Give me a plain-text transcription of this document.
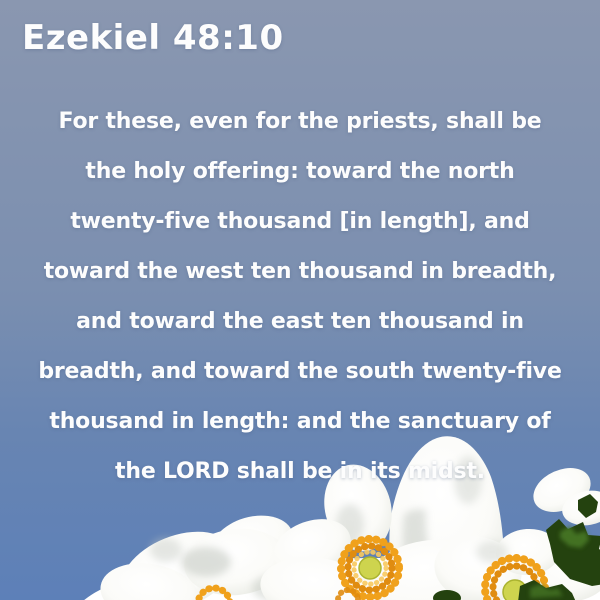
Ezekiel 48:10
For these, even for the priests, shall be
the holy offering: toward the north
twenty-five thousand [in length], and
toward the west ten thousand in breadth,
and toward the east ten thousand in
breadth, and toward the south twenty-five
thousand in length: and the sanctuary of
the LORD shall be in its midst.
